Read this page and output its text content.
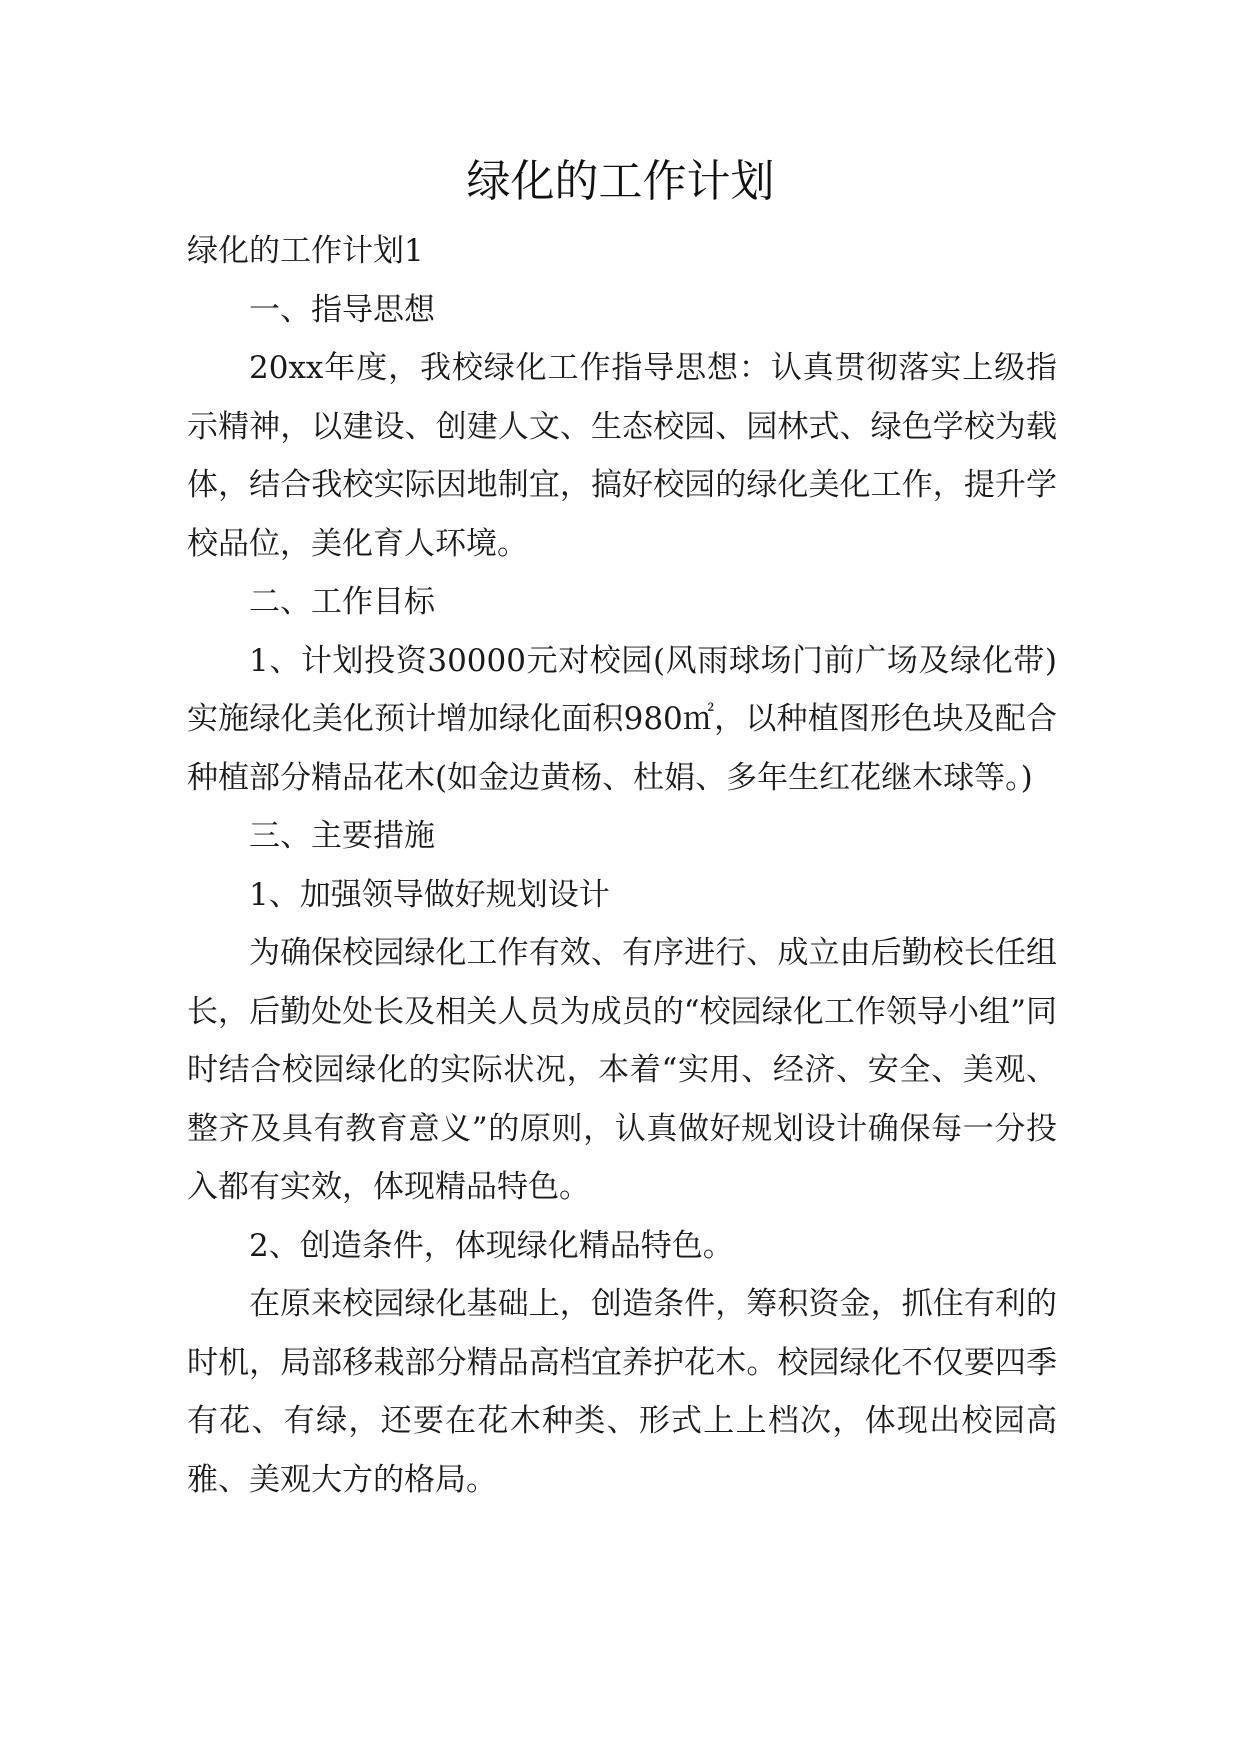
绿化的工作计划

绿化的工作计划1

一、指导思想

20xx年度，我校绿化工作指导思想：认真贯彻落实上级指示精神，以建设、创建人文、生态校园、园林式、绿色学校为载体，结合我校实际因地制宜，搞好校园的绿化美化工作，提升学校品位，美化育人环境。

二、工作目标

1、计划投资30000元对校园(风雨球场门前广场及绿化带)实施绿化美化预计增加绿化面积980㎡，以种植图形色块及配合种植部分精品花木(如金边黄杨、杜娟、多年生红花继木球等。)

三、主要措施

1、加强领导做好规划设计

为确保校园绿化工作有效、有序进行、成立由后勤校长任组长，后勤处处长及相关人员为成员的“校园绿化工作领导小组”同时结合校园绿化的实际状况，本着“实用、经济、安全、美观、整齐及具有教育意义”的原则，认真做好规划设计确保每一分投入都有实效，体现精品特色。

2、创造条件，体现绿化精品特色。

在原来校园绿化基础上，创造条件，筹积资金，抓住有利的时机，局部移栽部分精品高档宜养护花木。校园绿化不仅要四季有花、有绿，还要在花木种类、形式上上档次，体现出校园高雅、美观大方的格局。
